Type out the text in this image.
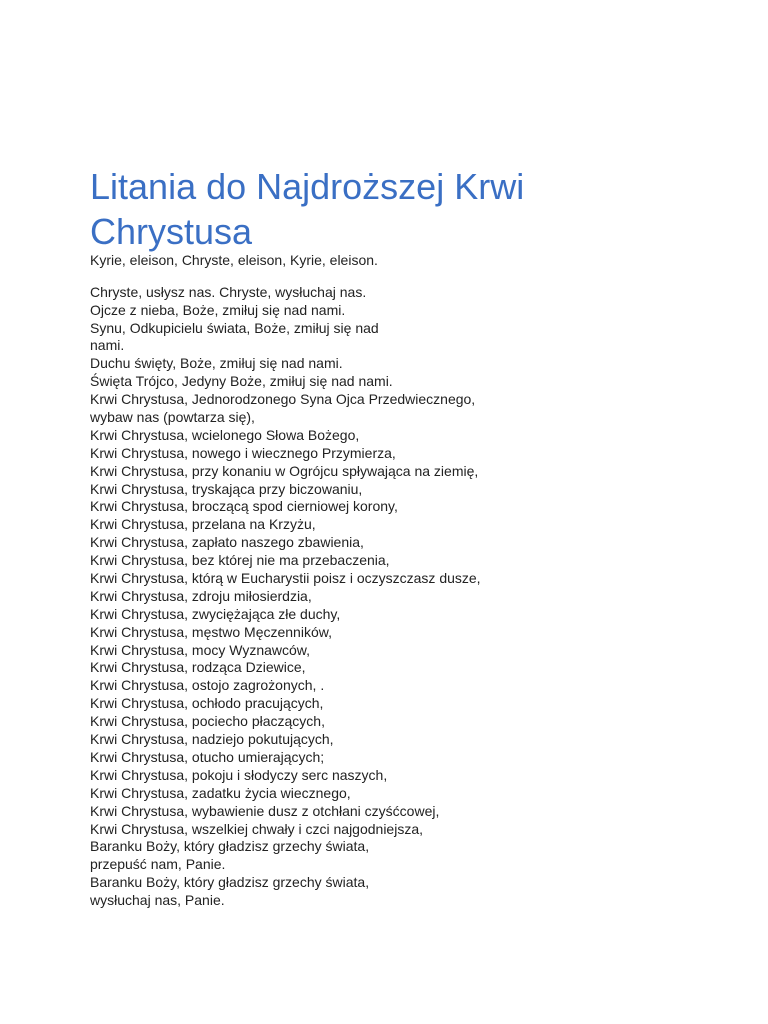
Litania do Najdroższej Krwi Chrystusa
Kyrie, eleison, Chryste, eleison, Kyrie, eleison.
Chryste, usłysz nas. Chryste, wysłuchaj nas.
Ojcze z nieba, Boże, zmiłuj się nad nami.
Synu, Odkupicielu świata, Boże, zmiłuj się nad
nami.
Duchu święty, Boże, zmiłuj się nad nami.
Święta Trójco, Jedyny Boże, zmiłuj się nad nami.
Krwi Chrystusa, Jednorodzonego Syna Ojca Przedwiecznego,
wybaw nas (powtarza się),
Krwi Chrystusa, wcielonego Słowa Bożego,
Krwi Chrystusa, nowego i wiecznego Przymierza,
Krwi Chrystusa, przy konaniu w Ogrójcu spływająca na ziemię,
Krwi Chrystusa, tryskająca przy biczowaniu,
Krwi Chrystusa, broczącą spod cierniowej korony,
Krwi Chrystusa, przelana na Krzyżu,
Krwi Chrystusa, zapłato naszego zbawienia,
Krwi Chrystusa, bez której nie ma przebaczenia,
Krwi Chrystusa, którą w Eucharystii poisz i oczyszczasz dusze,
Krwi Chrystusa, zdroju miłosierdzia,
Krwi Chrystusa, zwyciężająca złe duchy,
Krwi Chrystusa, męstwo Męczenników,
Krwi Chrystusa, mocy Wyznawców,
Krwi Chrystusa, rodząca Dziewice,
Krwi Chrystusa, ostojo zagrożonych, .
Krwi Chrystusa, ochłodo pracujących,
Krwi Chrystusa, pociecho płaczących,
Krwi Chrystusa, nadziejo pokutujących,
Krwi Chrystusa, otucho umierających;
Krwi Chrystusa, pokoju i słodyczy serc naszych,
Krwi Chrystusa, zadatku życia wiecznego,
Krwi Chrystusa, wybawienie dusz z otchłani czyśćcowej,
Krwi Chrystusa, wszelkiej chwały i czci najgodniejsza,
Baranku Boży, który gładzisz grzechy świata,
przepuść nam, Panie.
Baranku Boży, który gładzisz grzechy świata,
wysłuchaj nas, Panie.
